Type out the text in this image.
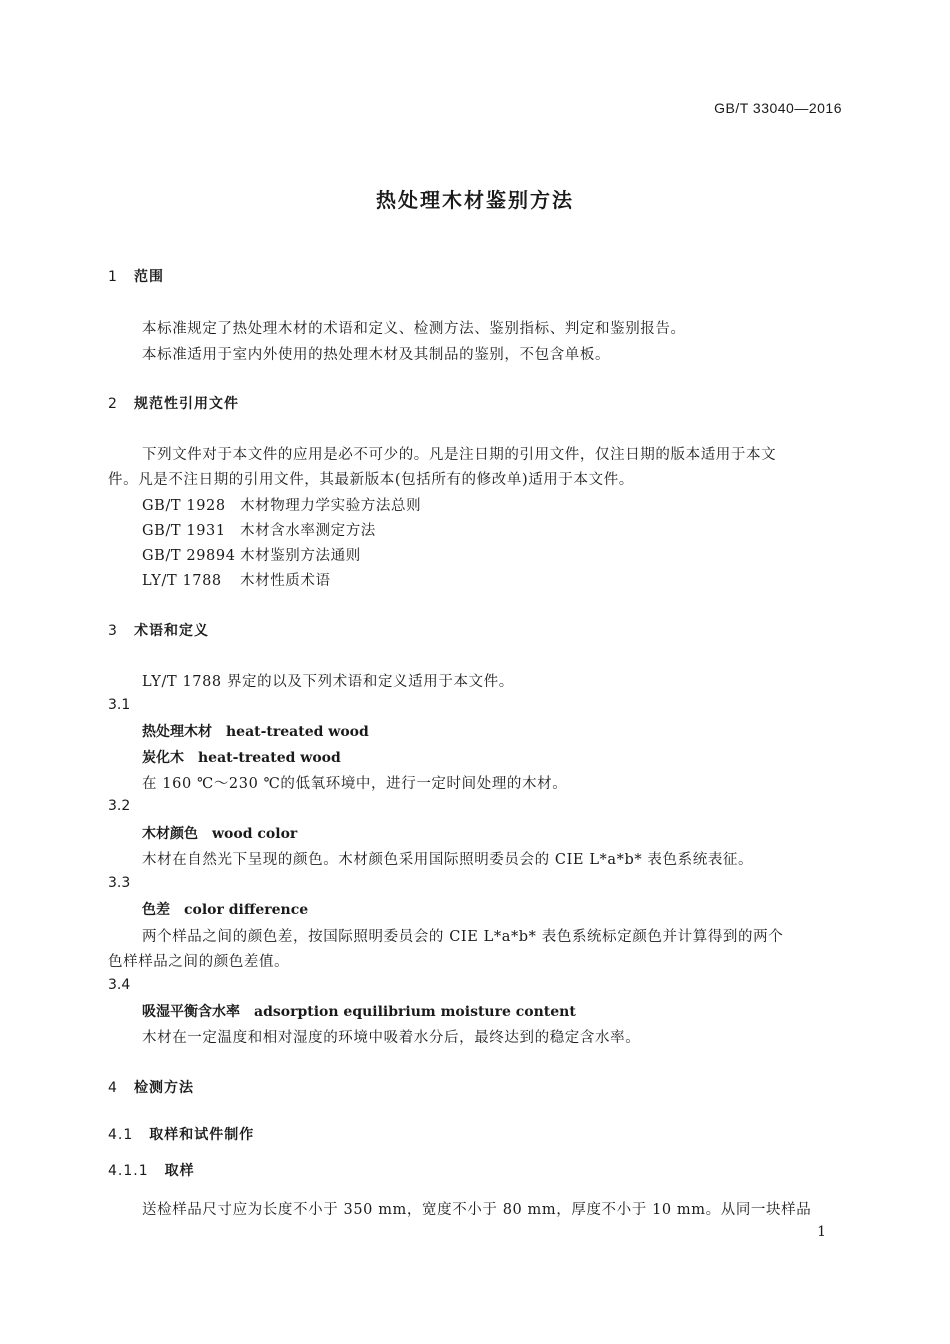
GB/T 33040—2016
热处理木材鉴别方法
1 范围
本标准规定了热处理木材的术语和定义、检测方法、鉴别指标、判定和鉴别报告。
本标准适用于室内外使用的热处理木材及其制品的鉴别，不包含单板。
2 规范性引用文件
下列文件对于本文件的应用是必不可少的。凡是注日期的引用文件，仅注日期的版本适用于本文
件。凡是不注日期的引用文件，其最新版本(包括所有的修改单)适用于本文件。
GB/T 1928 木材物理力学实验方法总则
GB/T 1931 木材含水率测定方法
GB/T 29894 木材鉴别方法通则
LY/T 1788 木材性质术语
3 术语和定义
LY/T 1788 界定的以及下列术语和定义适用于本文件。
3.1
热处理木材 heat-treated wood
炭化木 heat-treated wood
在 160 ℃～230 ℃的低氧环境中，进行一定时间处理的木材。
3.2
木材颜色 wood color
木材在自然光下呈现的颜色。木材颜色采用国际照明委员会的 CIE L*a*b* 表色系统表征。
3.3
色差 color difference
两个样品之间的颜色差，按国际照明委员会的 CIE L*a*b* 表色系统标定颜色并计算得到的两个
色样样品之间的颜色差值。
3.4
吸湿平衡含水率 adsorption equilibrium moisture content
木材在一定温度和相对湿度的环境中吸着水分后，最终达到的稳定含水率。
4 检测方法
4.1 取样和试件制作
4.1.1 取样
送检样品尺寸应为长度不小于 350 mm，宽度不小于 80 mm，厚度不小于 10 mm。从同一块样品
1
